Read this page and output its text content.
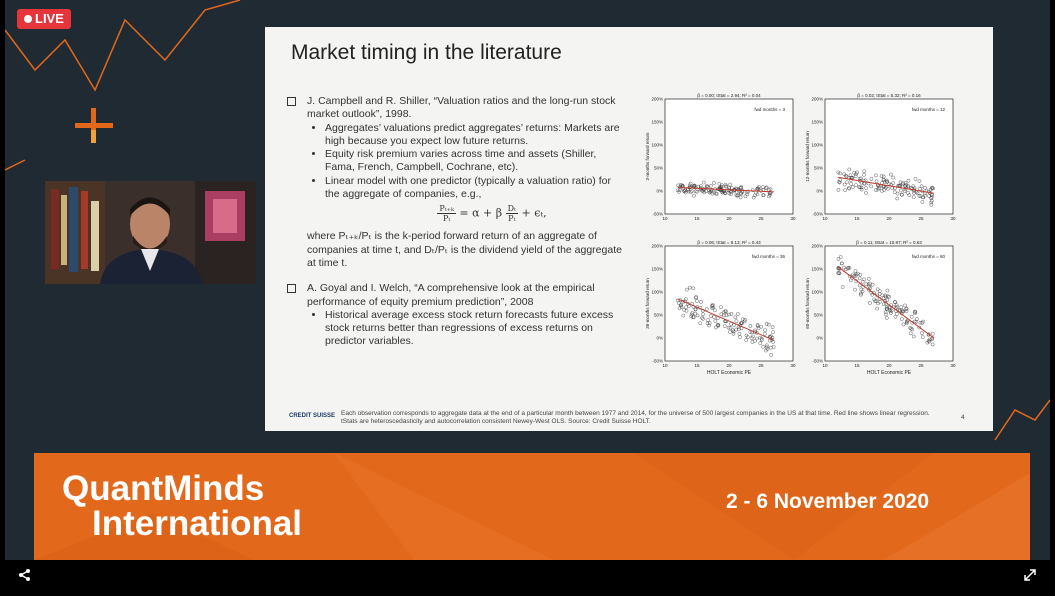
LIVE
Market timing in the literature
J. Campbell and R. Shiller, “Valuation ratios and the long-run stock market outlook”, 1998.
• Aggregates’ valuations predict aggregates’ returns: Markets are high because you expect low future returns.
• Equity risk premium varies across time and assets (Shiller, Fama, French, Campbell, Cochrane, etc).
• Linear model with one predictor (typically a valuation ratio) for the aggregate of companies, e.g.,
$\frac{\text{Pₜ₊ₖ}}{\text{Pₜ}} = \alpha + \beta \frac{\text{Dₜ}}{\text{Pₜ}} + \epsilon_t$,
where Pₜ₊ₖ/Pₜ is the k-period forward return of an aggregate of companies at time t, and Dₜ/Pₜ is the dividend yield of the aggregate at time t.
A. Goyal and I. Welch, “A comprehensive look at the empirical performance of equity premium prediction”, 2008
• Historical average excess stock return forecasts future excess stock returns better than regressions of excess returns on predictor variables.
β = 0.00; tStat = 2.94; R² = 0.04
fwd months = 3
-50%
0%
50%
100%
150%
200%
10	15	20	25	30
3-months forward return
β = 0.02; tStat = 5.32; R² = 0.16
fwd months = 12
-50%
0%
50%
100%
150%
200%
10	15	20	25	30
12-months forward return
β = 0.06; tStat = 9.13; R² = 0.43
fwd months = 36
-50%
0%
50%
100%
150%
200%
10	15	20	25	30
36-months forward return
HOLT Economic PE
β = 0.11; tStat = 10.87; R² = 0.63
fwd months = 60
-50%
0%
50%
100%
150%
200%
10	15	20	25	30
60-months forward return
HOLT Economic PE
CREDIT SUISSE Each observation corresponds to aggregate data at the end of a particular month between 1977 and 2014, for the universe of 500 largest companies in the US at that time. Red line shows linear regression. tStats are heteroscedasticity and autocorrelation consistent Newey-West OLS. Source: Credit Suisse HOLT.
4
QuantMinds
International
2 - 6 November 2020
